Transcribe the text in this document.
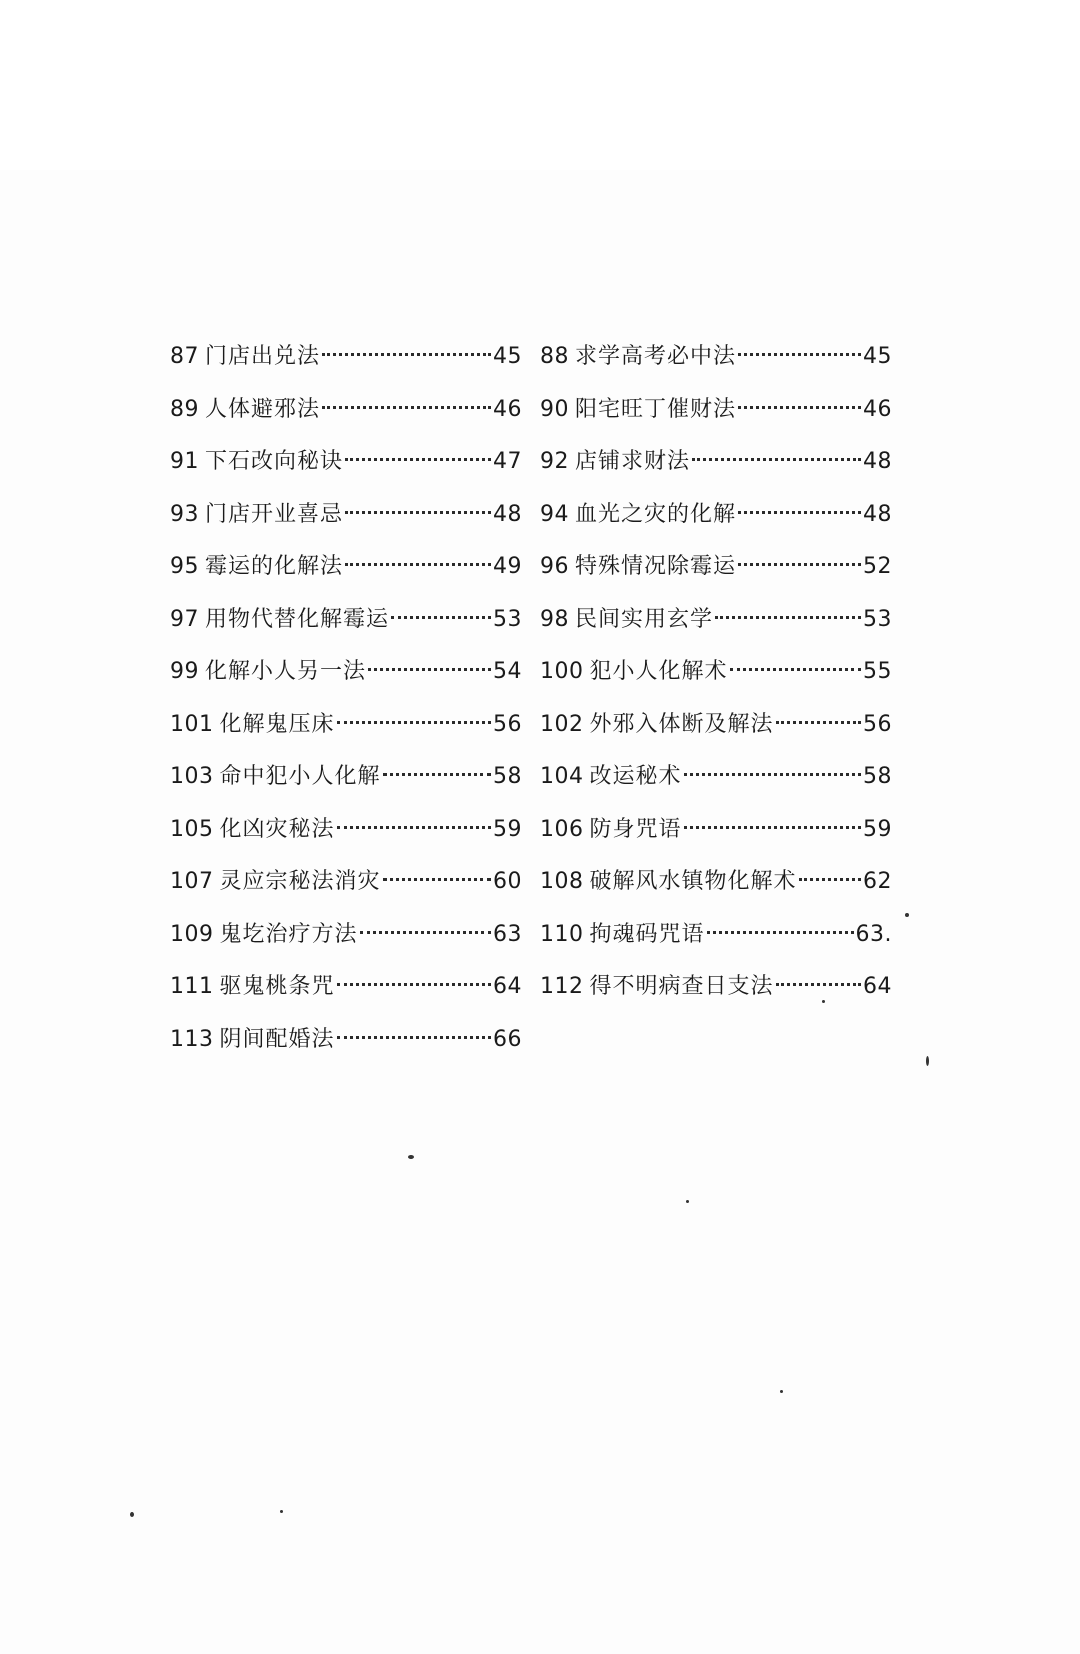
87 门店出兑法	45 88 求学高考必中法	45
89 人体避邪法	46 90 阳宅旺丁催财法	46
91 下石改向秘诀	47 92 店铺求财法	48
93 门店开业喜忌	48 94 血光之灾的化解	48
95 霉运的化解法	49 96 特殊情况除霉运	52
97 用物代替化解霉运	53 98 民间实用玄学	53
99 化解小人另一法	54 100 犯小人化解术	55
101 化解鬼压床	56 102 外邪入体断及解法	56
103 命中犯小人化解	58 104 改运秘术	58
105 化凶灾秘法	59 106 防身咒语	59
107 灵应宗秘法消灾	60 108 破解风水镇物化解术	62
109 鬼圪治疗方法	63 110 拘魂码咒语	63.
111 驱鬼桃条咒	64 112 得不明病查日支法	64
113 阴间配婚法	66
